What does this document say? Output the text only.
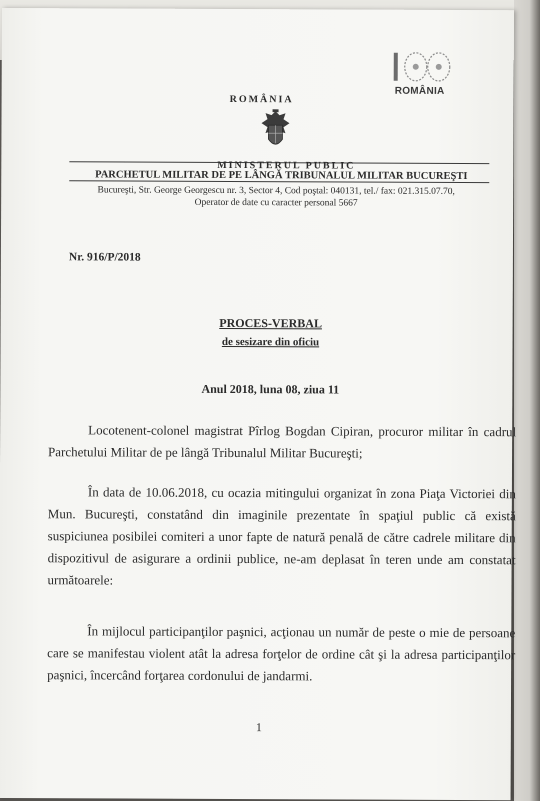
ROMÂNIA
ROMÂNIA
MINISTERUL PUBLIC
PARCHETUL MILITAR DE PE LÂNGĂ TRIBUNALUL MILITAR BUCUREŞTI
Bucureşti, Str. George Georgescu nr. 3, Sector 4, Cod poştal: 040131, tel./ fax: 021.315.07.70,
Operator de date cu caracter personal 5667
Nr. 916/P/2018
PROCES-VERBAL
de sesizare din oficiu
Anul 2018, luna 08, ziua 11
Locotenent-colonel magistrat Pîrlog Bogdan Cipiran, procuror militar în cadrul Parchetului Militar de pe lângă Tribunalul Militar Bucureşti;
În data de 10.06.2018, cu ocazia mitingului organizat în zona Piaţa Victoriei din Mun. Bucureşti, constatând din imaginile prezentate în spaţiul public că există suspiciunea posibilei comiteri a unor fapte de natură penală de către cadrele militare din dispozitivul de asigurare a ordinii publice, ne-am deplasat în teren unde am constatat următoarele:
În mijlocul participanţilor paşnici, acţionau un număr de peste o mie de persoane care se manifestau violent atât la adresa forţelor de ordine cât şi la adresa participanţilor paşnici, încercând forţarea cordonului de jandarmi.
1
